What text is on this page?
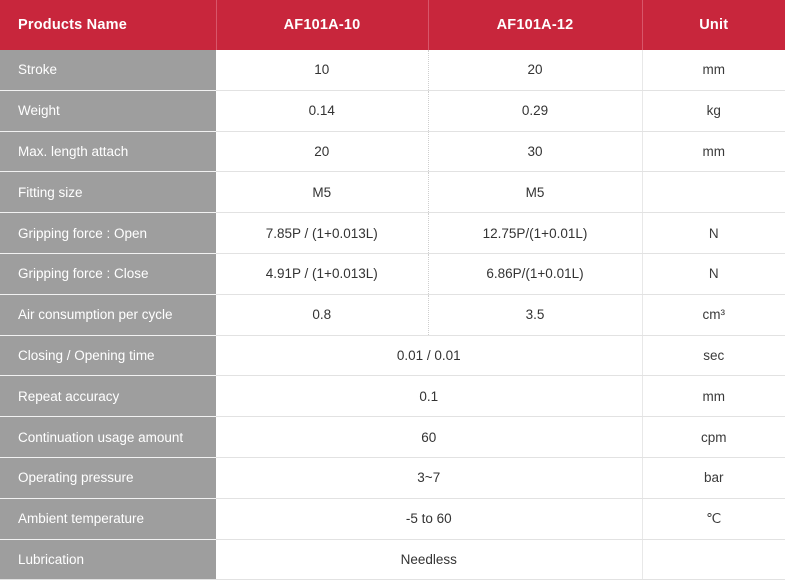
Products Name	AF101A-10	AF101A-12	Unit
Stroke	10	20	mm
Weight	0.14	0.29	kg
Max. length attach	20	30	mm
Fitting size	M5	M5	
Gripping force : Open	7.85P / (1+0.013L)	12.75P/(1+0.01L)	N
Gripping force : Close	4.91P / (1+0.013L)	6.86P/(1+0.01L)	N
Air consumption per cycle	0.8	3.5	cm³
Closing / Opening time	0.01 / 0.01		sec
Repeat accuracy	0.1		mm
Continuation usage amount	60		cpm
Operating pressure	3~7		bar
Ambient temperature	-5 to 60		℃
Lubrication	Needless		
